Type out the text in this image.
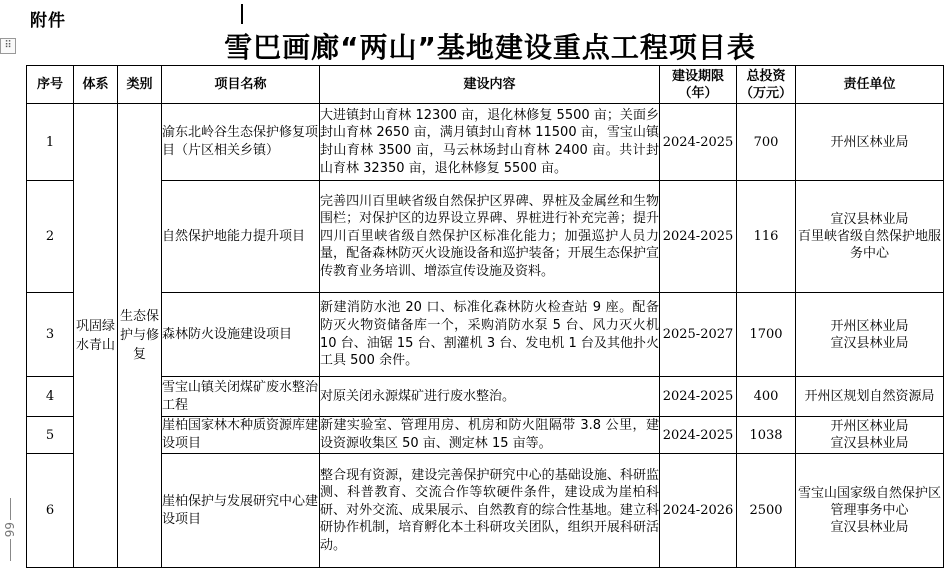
附件
⠿
99
雪巴画廊“两山”基地建设重点工程项目表
序号	体系	类别	项目名称	建设内容	建设期限（年）	总投资（万元）	责任单位
1	巩固绿水青山	生态保护与修复	渝东北岭谷生态保护修复项目（片区相关乡镇）	大进镇封山育林 12300 亩，退化林修复 5500 亩；关面乡封山育林 2650 亩，满月镇封山育林 11500 亩，雪宝山镇封山育林 3500 亩，马云林场封山育林 2400 亩。共计封山育林 32350 亩，退化林修复 5500 亩。	2024-2025	700	开州区林业局
2			自然保护地能力提升项目	完善四川百里峡省级自然保护区界碑、界桩及金属丝和生物围栏；对保护区的边界设立界碑、界桩进行补充完善；提升四川百里峡省级自然保护区标准化能力；加强巡护人员力量，配备森林防灭火设施设备和巡护装备；开展生态保护宣传教育业务培训、增添宣传设施及资料。	2024-2025	116	宣汉县林业局
百里峡省级自然保护地服务中心
3			森林防火设施建设项目	新建消防水池 20 口、标准化森林防火检查站 9 座。配备防灭火物资储备库一个，采购消防水泵 5 台、风力灭火机 10 台、油锯 15 台、割灌机 3 台、发电机 1 台及其他扑火工具 500 余件。	2025-2027	1700	开州区林业局
宣汉县林业局
4			雪宝山镇关闭煤矿废水整治工程	对原关闭永源煤矿进行废水整治。	2024-2025	400	开州区规划自然资源局
5			崖柏国家林木种质资源库建设项目	新建实验室、管理用房、机房和防火阻隔带 3.8 公里，建设资源收集区 50 亩、测定林 15 亩等。	2024-2025	1038	开州区林业局
宣汉县林业局
6			崖柏保护与发展研究中心建设项目	整合现有资源，建设完善保护研究中心的基础设施、科研监测、科普教育、交流合作等软硬件条件，建设成为崖柏科研、对外交流、成果展示、自然教育的综合性基地。建立科研协作机制，培育孵化本土科研攻关团队，组织开展科研活动。	2024-2026	2500	雪宝山国家级自然保护区管理事务中心
宣汉县林业局
